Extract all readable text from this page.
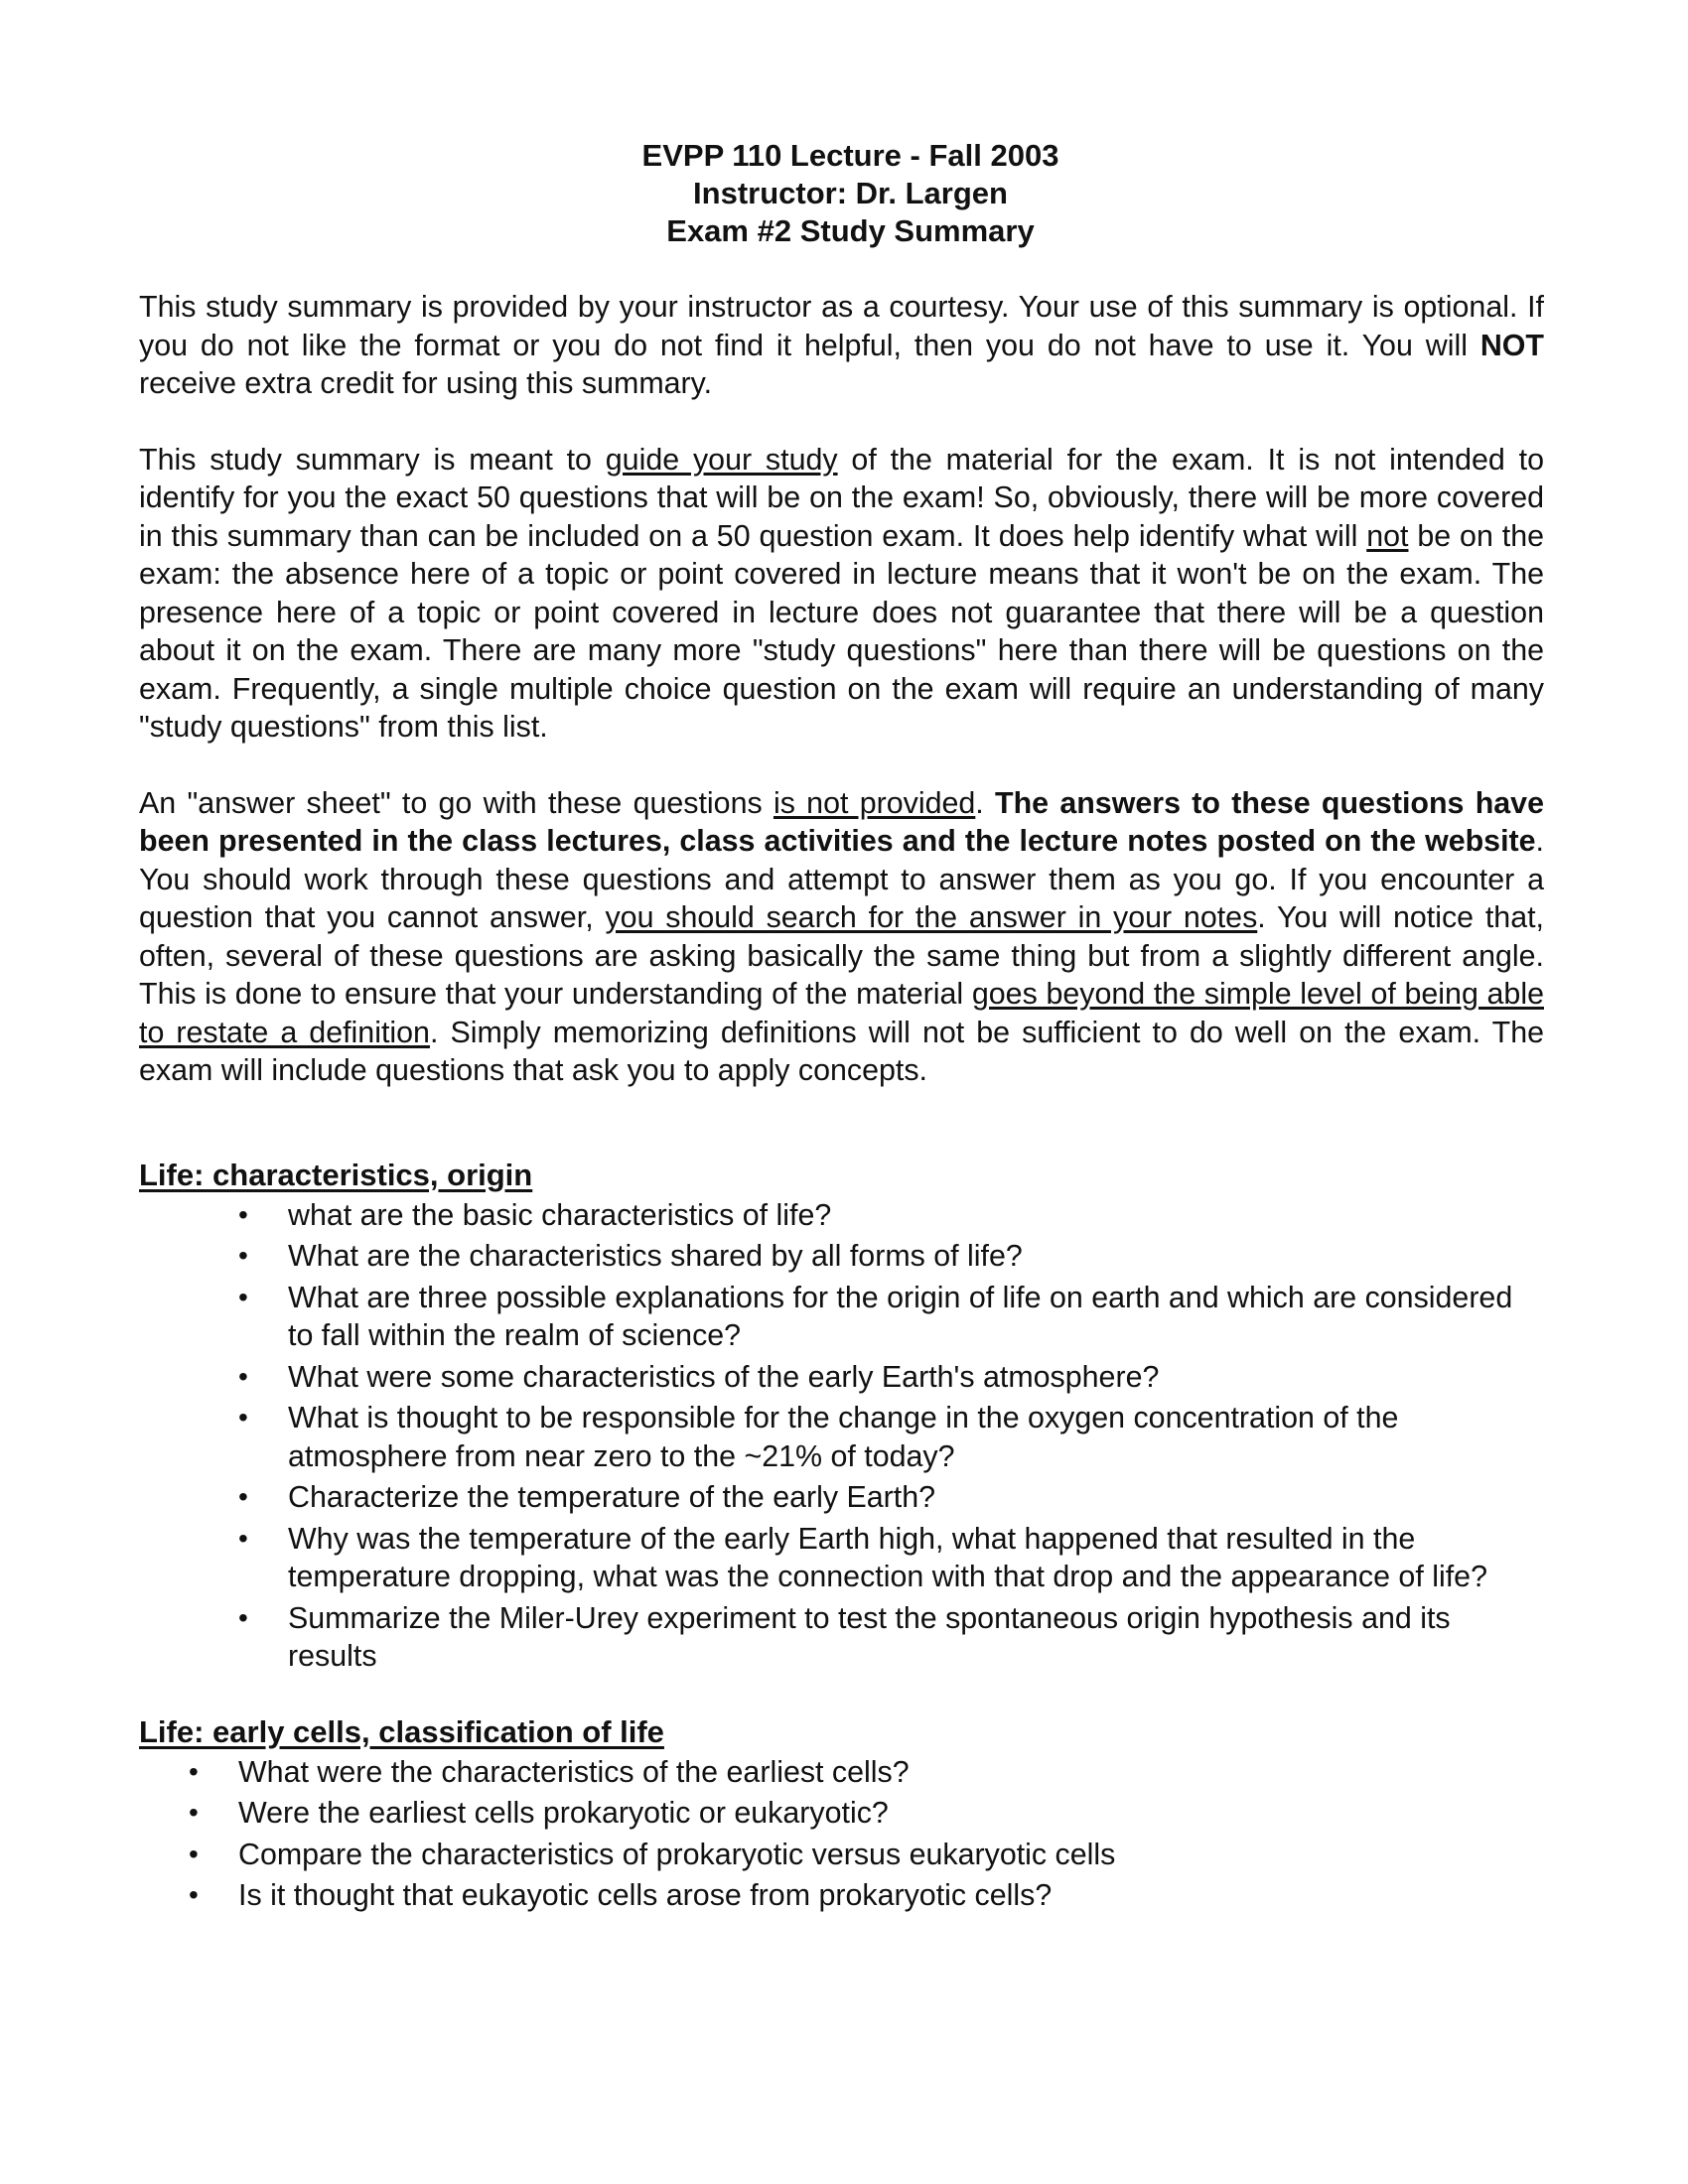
EVPP 110 Lecture - Fall 2003
Instructor: Dr. Largen
Exam #2 Study Summary

This study summary is provided by your instructor as a courtesy. Your use of this summary is optional. If you do not like the format or you do not find it helpful, then you do not have to use it. You will NOT receive extra credit for using this summary.

This study summary is meant to guide your study of the material for the exam. It is not intended to identify for you the exact 50 questions that will be on the exam! So, obviously, there will be more covered in this summary than can be included on a 50 question exam. It does help identify what will not be on the exam: the absence here of a topic or point covered in lecture means that it won't be on the exam. The presence here of a topic or point covered in lecture does not guarantee that there will be a question about it on the exam. There are many more "study questions" here than there will be questions on the exam. Frequently, a single multiple choice question on the exam will require an understanding of many "study questions" from this list.

An "answer sheet" to go with these questions is not provided. The answers to these questions have been presented in the class lectures, class activities and the lecture notes posted on the website. You should work through these questions and attempt to answer them as you go. If you encounter a question that you cannot answer, you should search for the answer in your notes. You will notice that, often, several of these questions are asking basically the same thing but from a slightly different angle. This is done to ensure that your understanding of the material goes beyond the simple level of being able to restate a definition. Simply memorizing definitions will not be sufficient to do well on the exam. The exam will include questions that ask you to apply concepts.

Life: characteristics, origin
• what are the basic characteristics of life?
• What are the characteristics shared by all forms of life?
• What are three possible explanations for the origin of life on earth and which are considered to fall within the realm of science?
• What were some characteristics of the early Earth's atmosphere?
• What is thought to be responsible for the change in the oxygen concentration of the atmosphere from near zero to the ~21% of today?
• Characterize the temperature of the early Earth?
• Why was the temperature of the early Earth high, what happened that resulted in the temperature dropping, what was the connection with that drop and the appearance of life?
• Summarize the Miler-Urey experiment to test the spontaneous origin hypothesis and its results
Life: early cells, classification of life
• What were the characteristics of the earliest cells?
• Were the earliest cells prokaryotic or eukaryotic?
• Compare the characteristics of prokaryotic versus eukaryotic cells
• Is it thought that eukayotic cells arose from prokaryotic cells?
